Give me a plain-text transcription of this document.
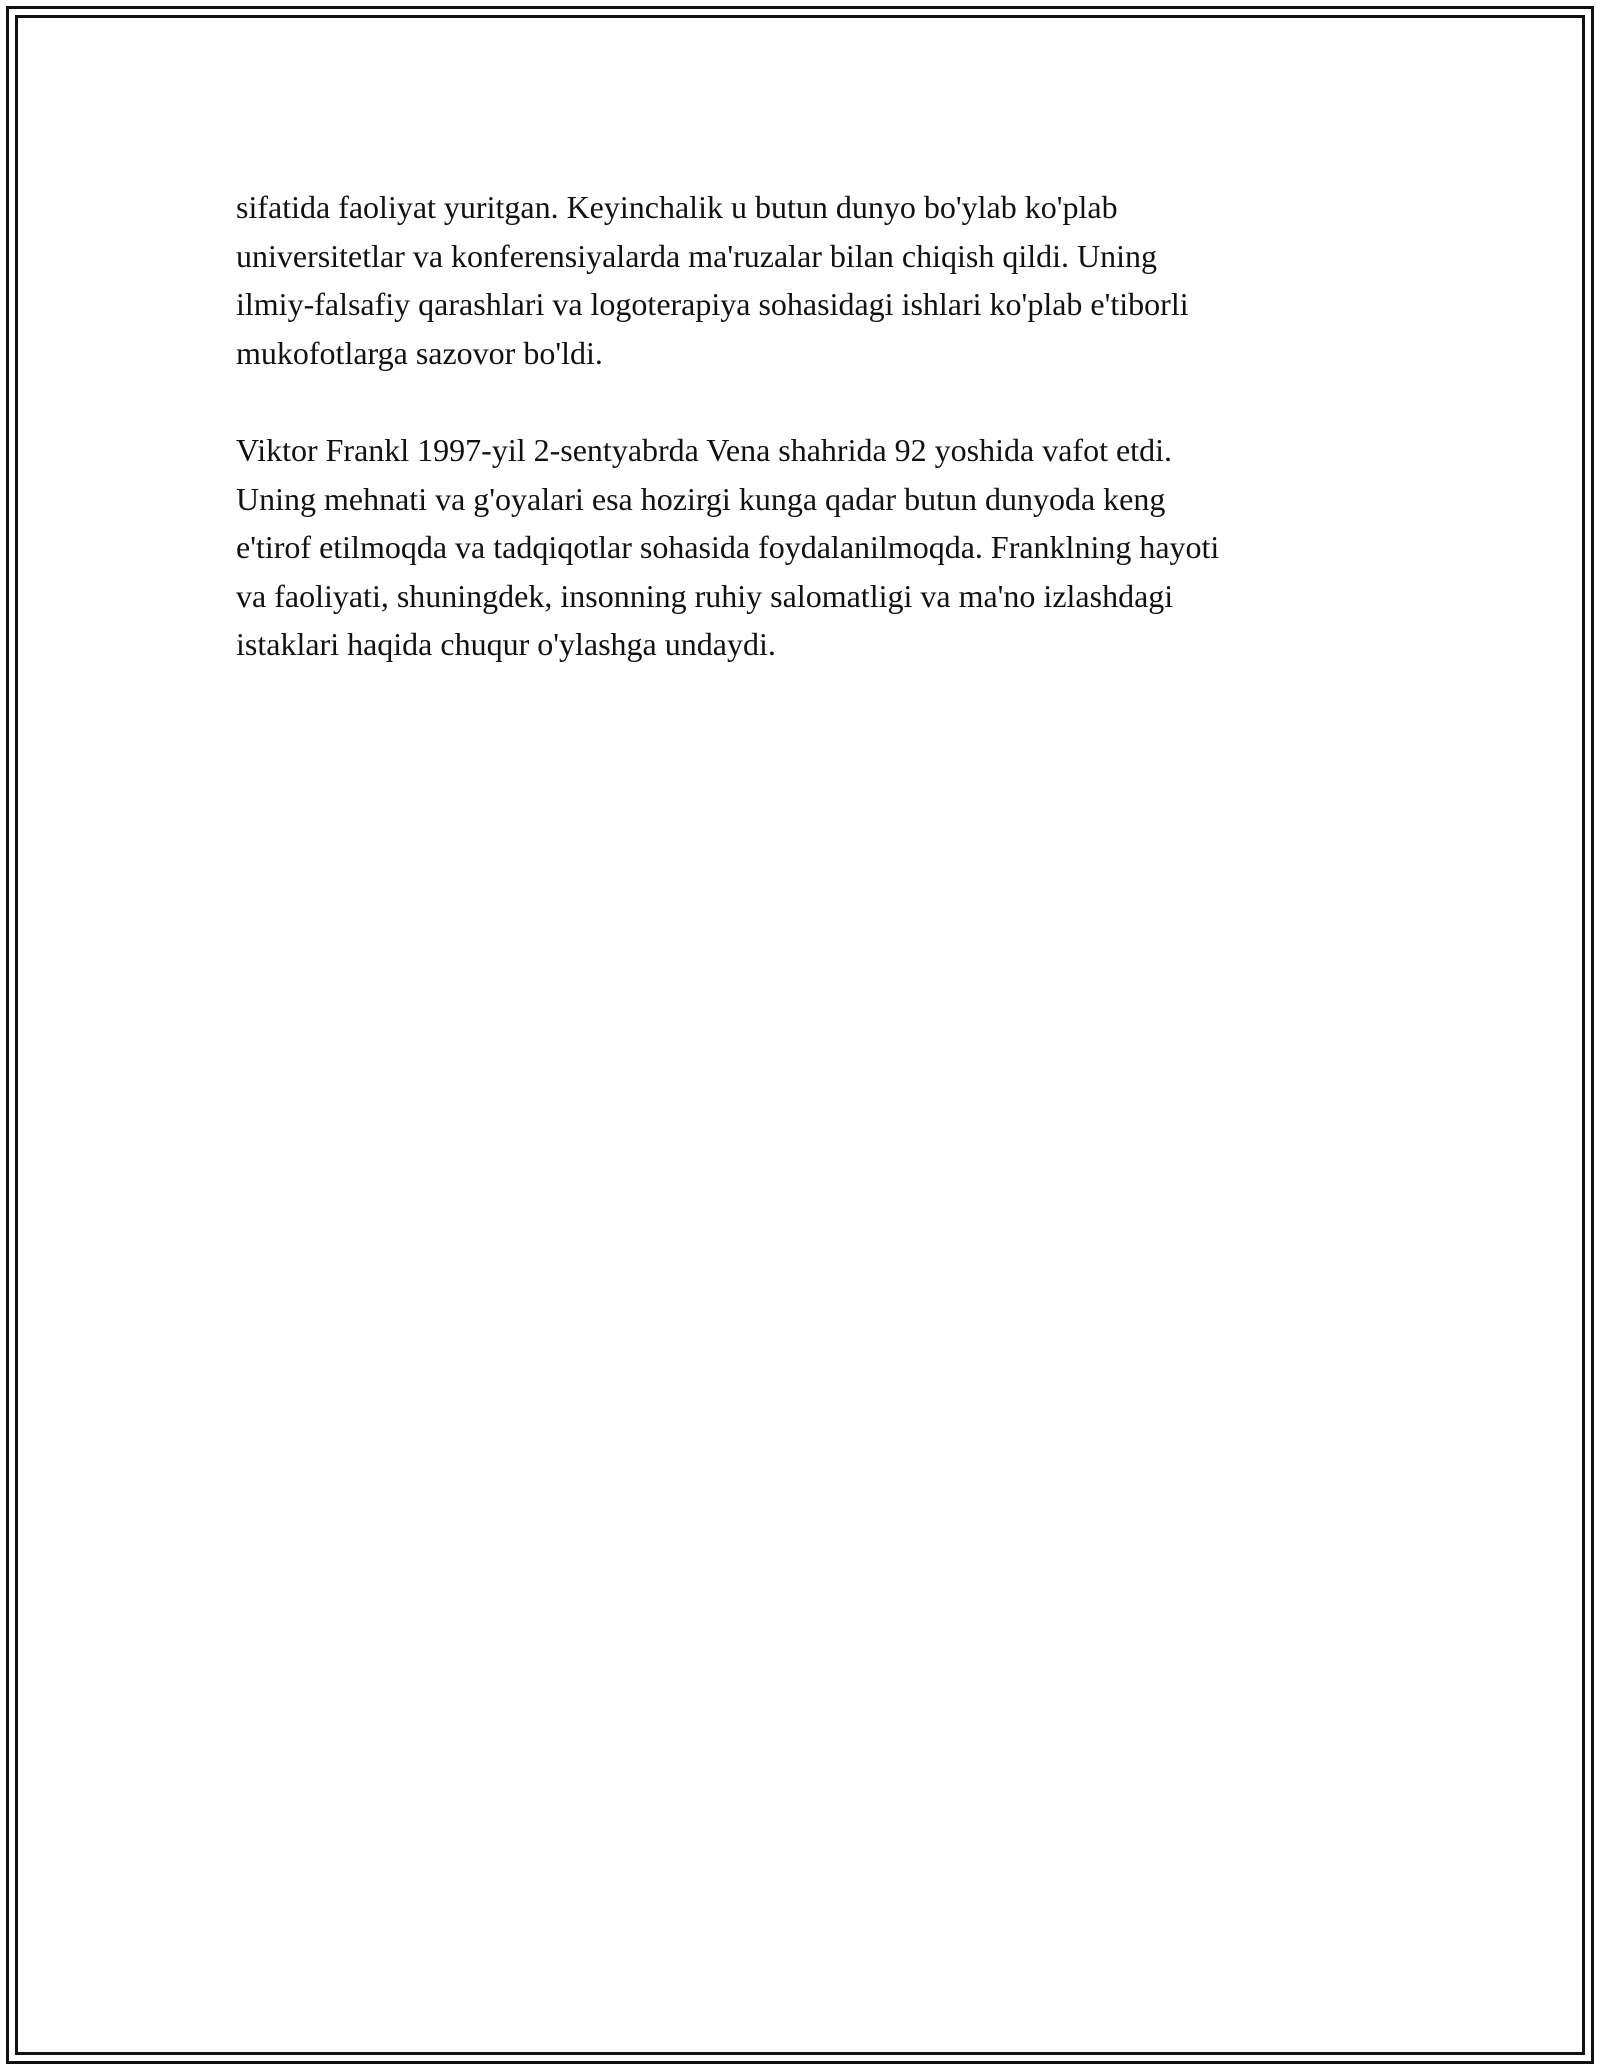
sifatida faoliyat yuritgan. Keyinchalik u butun dunyo bo'ylab ko'plab
universitetlar va konferensiyalarda ma'ruzalar bilan chiqish qildi. Uning
ilmiy-falsafiy qarashlari va logoterapiya sohasidagi ishlari ko'plab e'tiborli
mukofotlarga sazovor bo'ldi.

Viktor Frankl 1997-yil 2-sentyabrda Vena shahrida 92 yoshida vafot etdi.
Uning mehnati va g'oyalari esa hozirgi kunga qadar butun dunyoda keng
e'tirof etilmoqda va tadqiqotlar sohasida foydalanilmoqda. Franklning hayoti
va faoliyati, shuningdek, insonning ruhiy salomatligi va ma'no izlashdagi
istaklari haqida chuqur o'ylashga undaydi.
